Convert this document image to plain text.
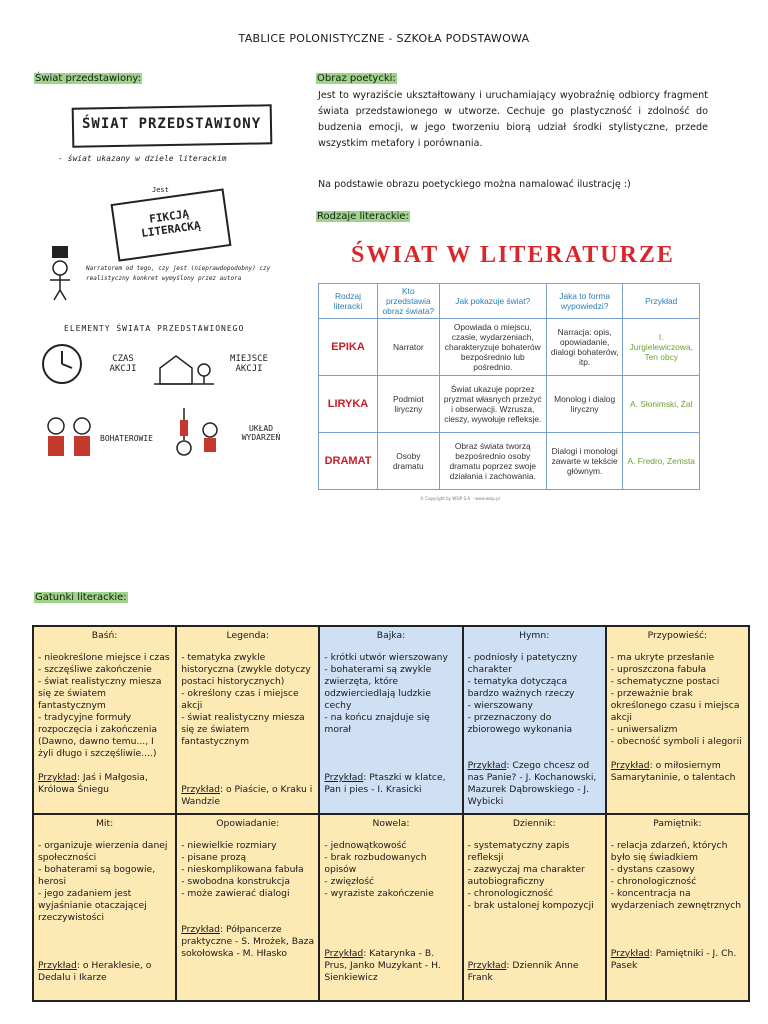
TABLICE POLONISTYCZNE - SZKOŁA PODSTAWOWA
Świat przedstawiony:	Obraz poetycki:
Jest to wyraziście ukształtowany i uruchamiający wyobraźnię odbiorcy fragment świata przedstawionego w utworze. Cechuje go plastyczność i zdolność do budzenia emocji, w jego tworzeniu biorą udział środki stylistyczne, przede wszystkim metafory i porównania.
Na podstawie obrazu poetyckiego można namalować ilustrację :)
Rodzaje literackie:
ŚWIAT PRZEDSTAWIONY
- świat ukazany w dziele literackim
Jest
FIKCJĄ LITERACKĄ
Narratorem od tego, czy jest (nieprawdopodobny) czy realistyczny konkret wymyślony przez autora
ELEMENTY ŚWIATA PRZEDSTAWIONEGO
CZAS AKCJI
MIEJSCE AKCJI
BOHATEROWIE
UKŁAD WYDARZEŃ
ŚWIAT W LITERATURZE
Rodzaj literacki	Kto przedstawia obraz świata?	Jak pokazuje świat?	Jaka to forma wypowiedzi?	Przykład
EPIKA	Narrator	Opowiada o miejscu, czasie, wydarzeniach, charakteryzuje bohaterów bezpośrednio lub pośrednio.	Narracja: opis, opowiadanie, dialogi bohaterów, itp.	I. Jurgielewiczowa, Ten obcy
LIRYKA	Podmiot liryczny	Świat ukazuje poprzez pryzmat własnych przeżyć i obserwacji. Wzrusza, cieszy, wywołuje refleksje.	Monolog i dialog liryczny	A. Słonimski, Żal
DRAMAT	Osoby dramatu	Obraz świata tworzą bezpośrednio osoby dramatu poprzez swoje działania i zachowania.	Dialogi i monologi zawarte w tekście głównym.	A. Fredro, Zemsta
© Copyright by WSiP S.A. · www.wsip.pl
Gatunki literackie:
Baśń:
- nieokreślone miejsce i czas
- szczęśliwe zakończenie
- świat realistyczny miesza się ze światem fantastycznym
- tradycyjne formuły rozpoczęcia i zakończenia (Dawno, dawno temu..., I żyli długo i szczęśliwie....)
Przykład: Jaś i Małgosia, Królowa Śniegu
Legenda:
- tematyka zwykle historyczna (zwykle dotyczy postaci historycznych)
- określony czas i miejsce akcji
- świat realistyczny miesza się ze światem fantastycznym
Przykład: o Piaście, o Kraku i Wandzie
Bajka:
- krótki utwór wierszowany
- bohaterami są zwykle zwierzęta, które odzwierciedlają ludzkie cechy
- na końcu znajduje się morał
Przykład: Ptaszki w klatce, Pan i pies - I. Krasicki
Hymn:
- podniosły i patetyczny charakter
- tematyka dotycząca bardzo ważnych rzeczy
- wierszowany
- przeznaczony do zbiorowego wykonania
Przykład: Czego chcesz od nas Panie? - J. Kochanowski, Mazurek Dąbrowskiego - J. Wybicki
Przypowieść:
- ma ukryte przesłanie
- uproszczona fabuła
- schematyczne postaci
- przeważnie brak określonego czasu i miejsca akcji
- uniwersalizm
- obecność symboli i alegorii
Przykład: o miłosiernym Samarytaninie, o talentach
Mit:
- organizuje wierzenia danej społeczności
- bohaterami są bogowie, herosi
- jego zadaniem jest wyjaśnianie otaczającej rzeczywistości
Przykład: o Heraklesie, o Dedalu i Ikarze
Opowiadanie:
- niewielkie rozmiary
- pisane prozą
- nieskomplikowana fabuła
- swobodna konstrukcja
- może zawierać dialogi
Przykład: Półpancerze praktyczne - S. Mrożek, Baza sokołowska - M. Hłasko
Nowela:
- jednowątkowość
- brak rozbudowanych opisów
- zwięzłość
- wyraziste zakończenie
Przykład: Katarynka - B. Prus, Janko Muzykant - H. Sienkiewicz
Dziennik:
- systematyczny zapis refleksji
- zazwyczaj ma charakter autobiograficzny
- chronologiczność
- brak ustalonej kompozycji
Przykład: Dziennik Anne Frank
Pamiętnik:
- relacja zdarzeń, których było się świadkiem
- dystans czasowy
- chronologiczność
- koncentracja na wydarzeniach zewnętrznych
Przykład: Pamiętniki - J. Ch. Pasek
